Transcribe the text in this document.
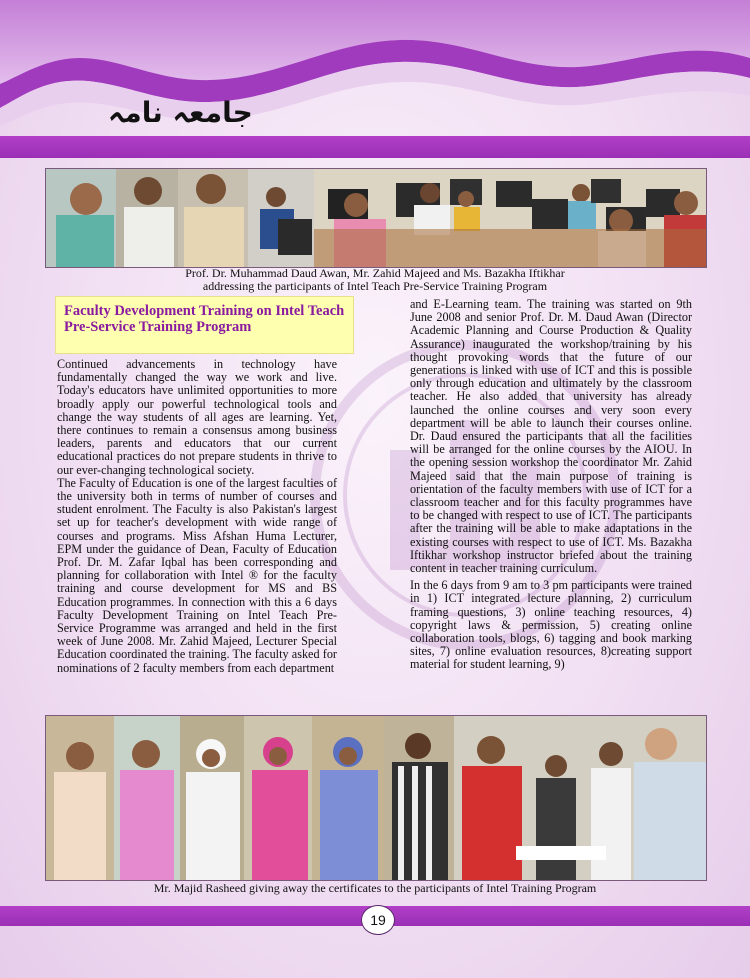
جامعہ نامہ
Prof. Dr. Muhammad Daud Awan, Mr. Zahid Majeed and Ms. Bazakha Iftikhar
addressing the participants of Intel Teach Pre-Service Training Program
Faculty Development Training on Intel Teach Pre-Service Training Program

Continued advancements in technology have fundamentally changed the way we work and live. Today's educators have unlimited opportunities to more broadly apply our powerful technological tools and change the way students of all ages are learning. Yet, there continues to remain a consensus among business leaders, parents and educators that our current educational practices do not prepare students in thrive to our ever-changing technological society.

The Faculty of Education is one of the largest faculties of the university both in terms of number of courses and student enrolment. The Faculty is also Pakistan's largest set up for teacher's development with wide range of courses and programs. Miss Afshan Huma Lecturer, EPM under the guidance of Dean, Faculty of Education Prof. Dr. M. Zafar Iqbal has been corresponding and planning for collaboration with Intel ® for the faculty training and course development for MS and BS Education programmes. In connection with this a 6 days Faculty Development Training on Intel Teach Pre-Service Programme was arranged and held in the first week of June 2008. Mr. Zahid Majeed, Lecturer Special Education coordinated the training. The faculty asked for nominations of 2 faculty members from each department

and E-Learning team. The training was started on 9th June 2008 and senior Prof. Dr. M. Daud Awan (Director Academic Planning and Course Production & Quality Assurance) inaugurated the workshop/training by his thought provoking words that the future of our generations is linked with use of ICT and this is possible only through education and ultimately by the classroom teacher. He also added that university has already launched the online courses and very soon every department will be able to launch their courses online. Dr. Daud ensured the participants that all the facilities will be arranged for the online courses by the AIOU. In the opening session workshop the coordinator Mr. Zahid Majeed said that the main purpose of training is orientation of the faculty members with use of ICT for a classroom teacher and for this faculty programmes have to be changed with respect to use of ICT. The participants after the training will be able to make adaptations in the existing courses with respect to use of ICT. Ms. Bazakha Iftikhar workshop instructor briefed about the training content in teacher training curriculum.

In the 6 days from 9 am to 3 pm participants were trained in 1) ICT integrated lecture planning, 2) curriculum framing questions, 3) online teaching resources, 4) copyright laws & permission, 5) creating online collaboration tools, blogs, 6) tagging and book marking sites, 7) online evaluation resources, 8)creating support material for student learning, 9)

Mr. Majid Rasheed giving away the certificates to the participants of Intel Training Program
19
